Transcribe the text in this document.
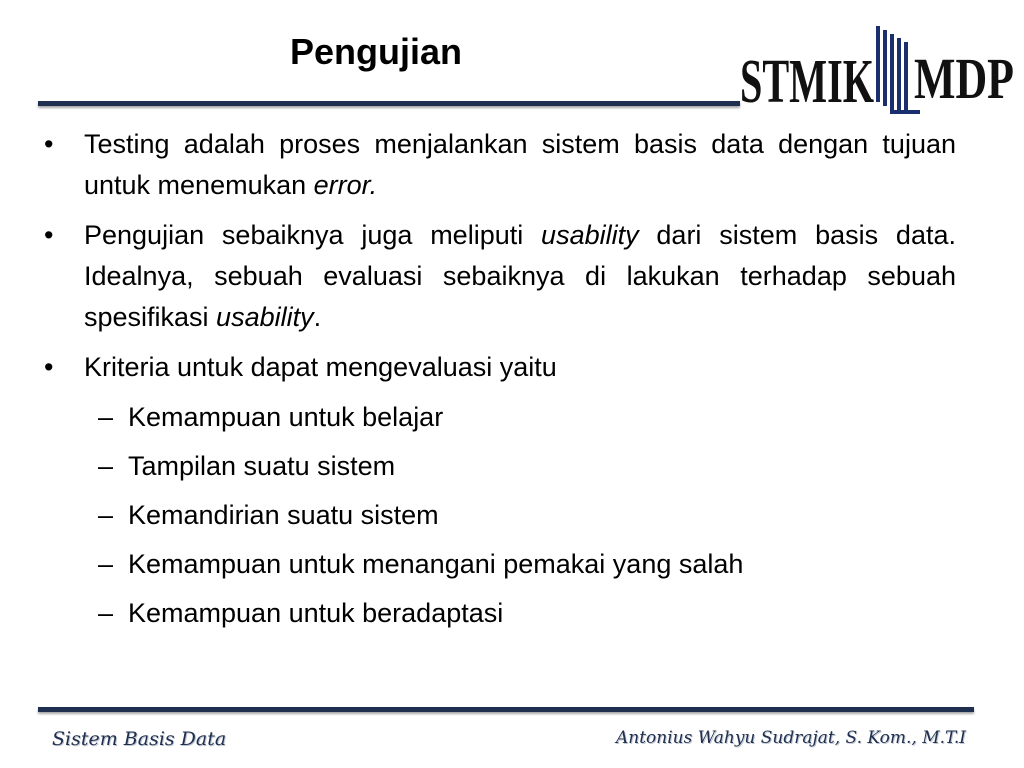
Pengujian	STMIK MDP
• Testing adalah proses menjalankan sistem basis data dengan tujuan untuk menemukan error.
• Pengujian sebaiknya juga meliputi usability dari sistem basis data. Idealnya, sebuah evaluasi sebaiknya di lakukan terhadap sebuah spesifikasi usability.
• Kriteria untuk dapat mengevaluasi yaitu
– Kemampuan untuk belajar
– Tampilan suatu sistem
– Kemandirian suatu sistem
– Kemampuan untuk menangani pemakai yang salah
– Kemampuan untuk beradaptasi
Sistem Basis Data	Antonius Wahyu Sudrajat, S. Kom., M.T.I
